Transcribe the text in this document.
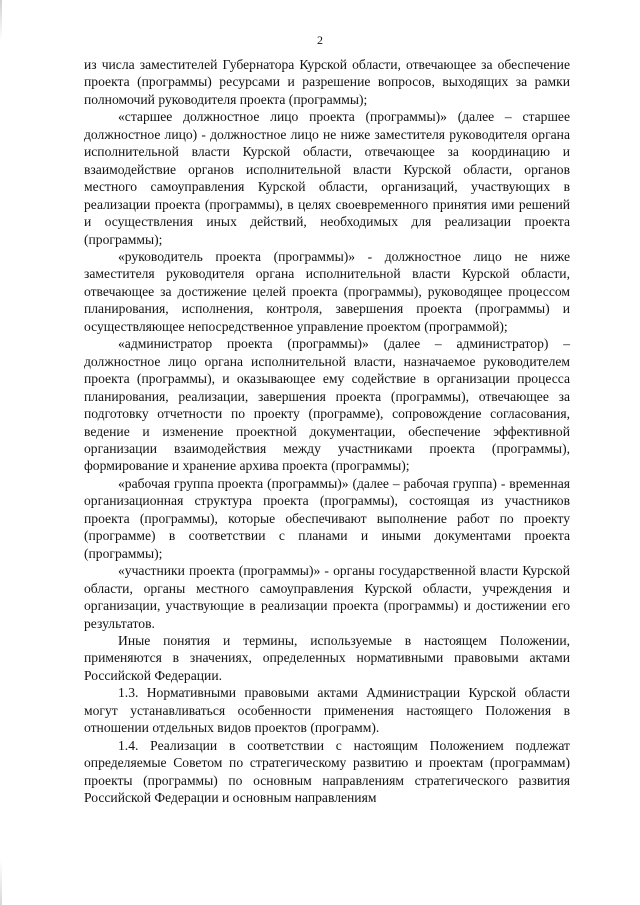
2

из числа заместителей Губернатора Курской области, отвечающее за обеспечение проекта (программы) ресурсами и разрешение вопросов, выходящих за рамки полномочий руководителя проекта (программы);

«старшее должностное лицо проекта (программы)» (далее – старшее должностное лицо) - должностное лицо не ниже заместителя руководителя органа исполнительной власти Курской области, отвечающее за координацию и взаимодействие органов исполнительной власти Курской области, органов местного самоуправления Курской области, организаций, участвующих в реализации проекта (программы), в целях своевременного принятия ими решений и осуществления иных действий, необходимых для реализации проекта (программы);

«руководитель проекта (программы)» - должностное лицо не ниже заместителя руководителя органа исполнительной власти Курской области, отвечающее за достижение целей проекта (программы), руководящее процессом планирования, исполнения, контроля, завершения проекта (программы) и осуществляющее непосредственное управление проектом (программой);

«администратор проекта (программы)» (далее – администратор) – должностное лицо органа исполнительной власти, назначаемое руководителем проекта (программы), и оказывающее ему содействие в организации процесса планирования, реализации, завершения проекта (программы), отвечающее за подготовку отчетности по проекту (программе), сопровождение согласования, ведение и изменение проектной документации, обеспечение эффективной организации взаимодействия между участниками проекта (программы), формирование и хранение архива проекта (программы);

«рабочая группа проекта (программы)» (далее – рабочая группа) - временная организационная структура проекта (программы), состоящая из участников проекта (программы), которые обеспечивают выполнение работ по проекту (программе) в соответствии с планами и иными документами проекта (программы);

«участники проекта (программы)» - органы государственной власти Курской области, органы местного самоуправления Курской области, учреждения и организации, участвующие в реализации проекта (программы) и достижении его результатов.

Иные понятия и термины, используемые в настоящем Положении, применяются в значениях, определенных нормативными правовыми актами Российской Федерации.

1.3. Нормативными правовыми актами Администрации Курской области могут устанавливаться особенности применения настоящего Положения в отношении отдельных видов проектов (программ).

1.4. Реализации в соответствии с настоящим Положением подлежат определяемые Советом по стратегическому развитию и проектам (программам) проекты (программы) по основным направлениям стратегического развития Российской Федерации и основным направлениям
